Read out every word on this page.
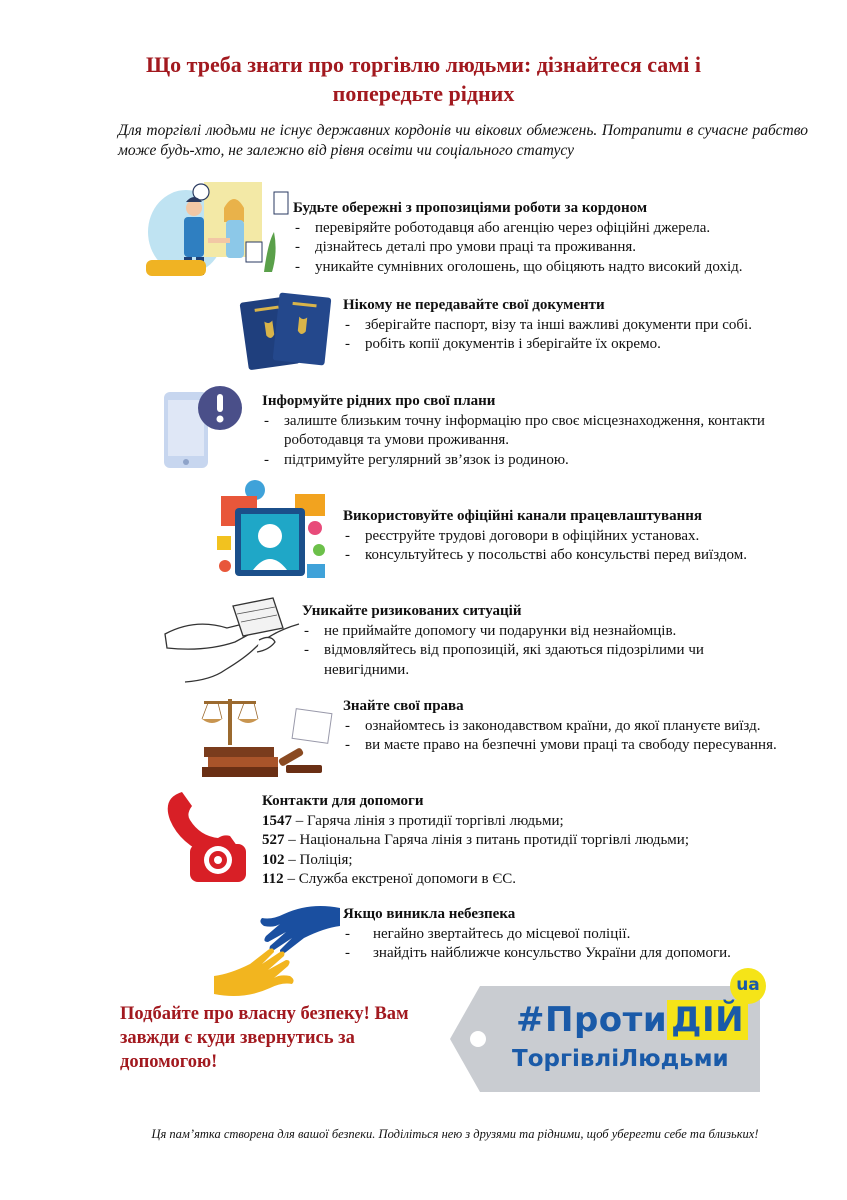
Що треба знати про торгівлю людьми: дізнайтеся самі і попередьте рідних
Для торгівлі людьми не існує державних кордонів чи вікових обмежень. Потрапити в сучасне рабство може будь-хто, не залежно від рівня освіти чи соціального статусу
Будьте обережні з пропозиціями роботи за кордоном
- перевіряйте роботодавця або агенцію через офіційні джерела.
- дізнайтесь деталі про умови праці та проживання.
- уникайте сумнівних оголошень, що обіцяють надто високий дохід.
Нікому не передавайте свої документи
- зберігайте паспорт, візу та інші важливі документи при собі.
- робіть копії документів і зберігайте їх окремо.
Інформуйте рідних про свої плани
- залиште близьким точну інформацію про своє місцезнаходження, контакти роботодавця та умови проживання.
- підтримуйте регулярний зв’язок із родиною.
Використовуйте офіційні канали працевлаштування
- реєструйте трудові договори в офіційних установах.
- консультуйтесь у посольстві або консульстві перед виїздом.
Уникайте ризикованих ситуацій
- не приймайте допомогу чи подарунки від незнайомців.
- відмовляйтесь від пропозицій, які здаються підозрілими чи невигідними.
Знайте свої права
- ознайомтесь із законодавством країни, до якої плануєте виїзд.
- ви маєте право на безпечні умови праці та свободу пересування.
Контакти для допомоги
1547 – Гаряча лінія з протидії торгівлі людьми;
527 – Національна Гаряча лінія з питань протидії торгівлі людьми;
102 – Поліція;
112 – Служба екстреної допомоги в ЄС.
Якщо виникла небезпека
- негайно звертайтесь до місцевої поліції.
- знайдіть найближче консульство України для допомоги.
Подбайте про власну безпеку! Вам завжди є куди звернутись за допомогою!
#Проти ДІЙ
ТоргівліЛюдьми
ua
Ця пам’ятка створена для вашої безпеки. Поділіться нею з друзями та рідними, щоб уберегти себе та близьких!
